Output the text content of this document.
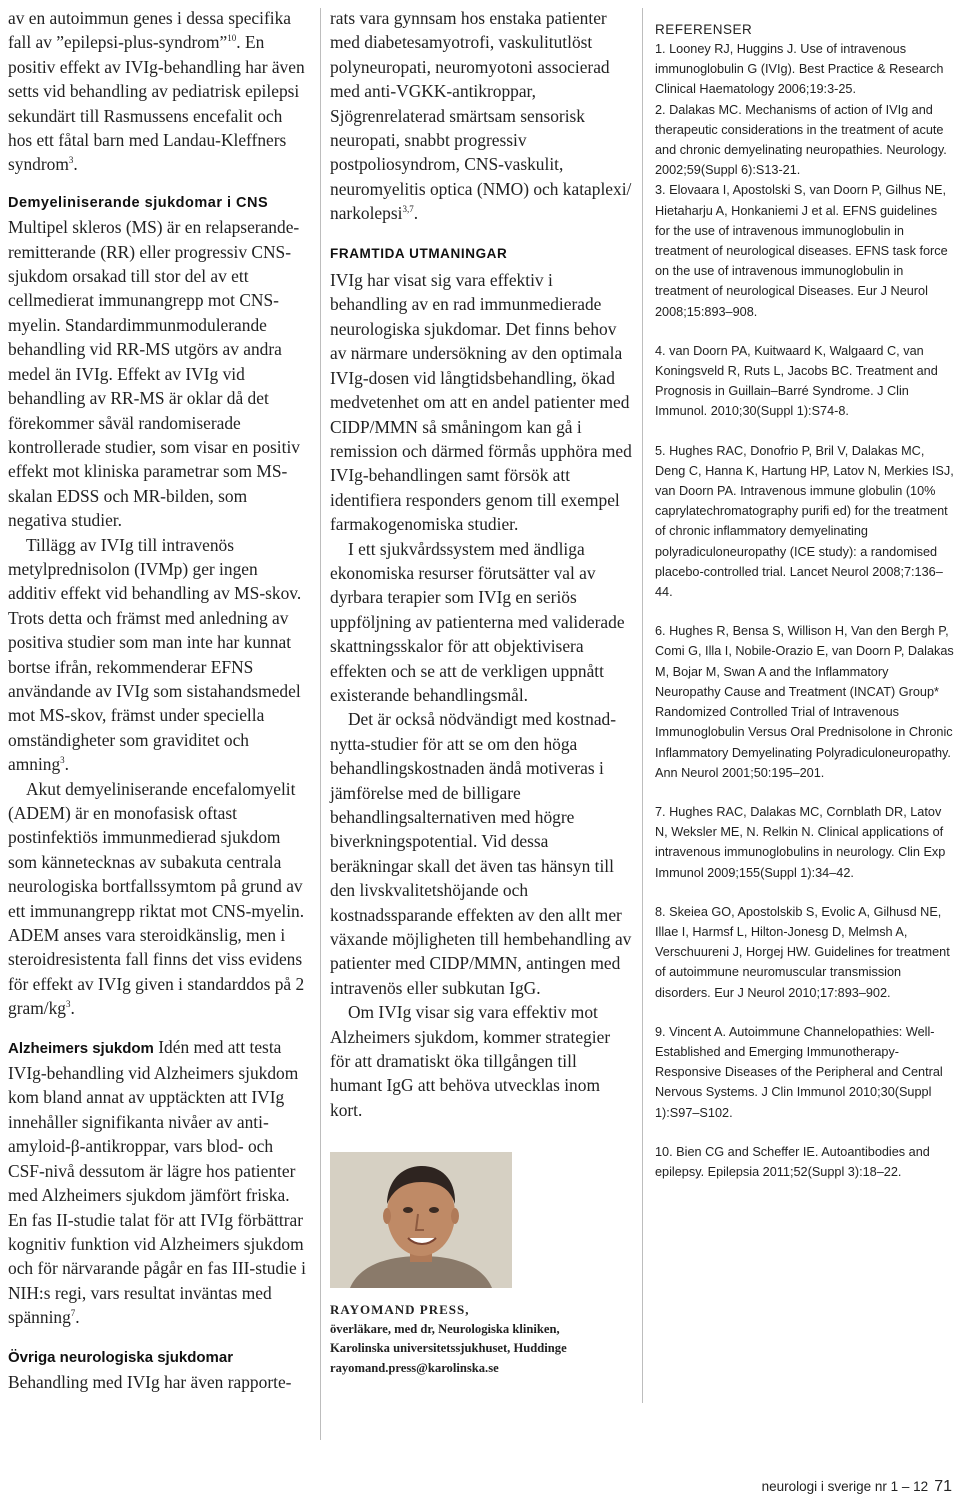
av en autoimmun genes i dessa specifika fall av ”epilepsi-plus-syndrom”$^{10}$. En positiv effekt av IVIg-behandling har även setts vid behandling av pediatrisk epilepsi sekundärt till Rasmussens encefalit och hos ett fåtal barn med Landau-Kleffners syndrom$^3$.

Demyeliniserande sjukdomar i CNS

Multipel skleros (MS) är en relapserande-remitterande (RR) eller progressiv CNS-sjukdom orsakad till stor del av ett cellmedierat immunangrepp mot CNS-myelin. Standardimmunmodulerande behandling vid RR-MS utgörs av andra medel än IVIg. Effekt av IVIg vid behandling av RR-MS är oklar då det förekommer såväl randomiserade kontrollerade studier, som visar en positiv effekt mot kliniska parametrar som MS-skalan EDSS och MR-bilden, som negativa studier.

Tillägg av IVIg till intravenös metylprednisolon (IVMp) ger ingen additiv effekt vid behandling av MS-skov. Trots detta och främst med anledning av positiva studier som man inte har kunnat bortse ifrån, rekommenderar EFNS användande av IVIg som sistahandsmedel mot MS-skov, främst under speciella omständigheter som graviditet och amning$^3$.

Akut demyeliniserande encefalomyelit (ADEM) är en monofasisk oftast postinfektiös immunmedierad sjukdom som kännetecknas av subakuta centrala neurologiska bortfallssymtom på grund av ett immunangrepp riktat mot CNS-myelin. ADEM anses vara steroidkänslig, men i steroidresistenta fall finns det viss evidens för effekt av IVIg given i standarddos på 2 gram/$kg^3$.

Alzheimers sjukdom Idén med att testa IVIg-behandling vid Alzheimers sjukdom kom bland annat av upptäckten att IVIg innehåller signifikanta nivåer av anti-amyloid-β-antikroppar, vars blod- och CSF-nivå dessutom är lägre hos patienter med Alzheimers sjukdom jämfört friska. En fas II-studie talat för att IVIg förbättrar kognitiv funktion vid Alzheimers sjukdom och för närvarande pågår en fas III-studie i NIH:s regi, vars resultat inväntas med spänning$^7$.

Övriga neurologiska sjukdomar Behandling med IVIg har även rapporte-

rats vara gynnsam hos enstaka patienter med diabetesamyotrofi, vaskulitutlöst polyneuropati, neuromyotoni associerad med anti-VGKK-antikroppar, Sjögrenrelaterad smärtsam sensorisk neuropati, snabbt progressiv postpoliosyndrom, CNS-vaskulit, neuromyelitis optica (NMO) och kataplexi/ narkolepsi$^{3,7}$.

FRAMTIDA UTMANINGAR

IVIg har visat sig vara effektiv i behandling av en rad immunmedierade neurologiska sjukdomar. Det finns behov av närmare undersökning av den optimala IVIg-dosen vid långtidsbehandling, ökad medvetenhet om att en andel patienter med CIDP/MMN så småningom kan gå i remission och därmed förmås upphöra med IVIg-behandlingen samt försök att identifiera responders genom till exempel farmakogenomiska studier.

I ett sjukvårdssystem med ändliga ekonomiska resurser förutsätter val av dyrbara terapier som IVIg en seriös uppföljning av patienterna med validerade skattningsskalor för att objektivisera effekten och se att de verkligen uppnått existerande behandlingsmål.

Det är också nödvändigt med kostnad-nytta-studier för att se om den höga behandlingskostnaden ändå motiveras i jämförelse med de billigare behandlingsalternativen med högre biverkningspotential. Vid dessa beräkningar skall det även tas hänsyn till den livskvalitetshöjande och kostnadssparande effekten av den allt mer växande möjligheten till hembehandling av patienter med CIDP/MMN, antingen med intravenös eller subkutan IgG.

Om IVIg visar sig vara effektiv mot Alzheimers sjukdom, kommer strategier för att dramatiskt öka tillgången till humant IgG att behöva utvecklas inom kort.

RAYOMAND PRESS,
överläkare, med dr, Neurologiska kliniken,
Karolinska universitetssjukhuset, Huddinge
rayomand.press@karolinska.se
REFERENSER
1. Looney RJ, Huggins J. Use of intravenous immunoglobulin G (IVIg). Best Practice & Research Clinical Haematology 2006;19:3-25.
2. Dalakas MC. Mechanisms of action of IVIg and therapeutic considerations in the treatment of acute and chronic demyelinating neuropathies. Neurology. 2002;59(Suppl 6):S13-21.
3. Elovaara I, Apostolski S, van Doorn P, Gilhus NE, Hietaharju A, Honkaniemi J et al. EFNS guidelines for the use of intravenous immunoglobulin in treatment of neurological diseases. EFNS task force on the use of intravenous immunoglobulin in treatment of neurological Diseases. Eur J Neurol 2008;15:893–908.
4. van Doorn PA, Kuitwaard K, Walgaard C, van Koningsveld R, Ruts L, Jacobs BC. Treatment and Prognosis in Guillain–Barré Syndrome. J Clin Immunol. 2010;30(Suppl 1):S74-8.
5. Hughes RAC, Donofrio P, Bril V, Dalakas MC, Deng C, Hanna K, Hartung HP, Latov N, Merkies ISJ, van Doorn PA. Intravenous immune globulin (10% caprylatechromatography purifi ed) for the treatment of chronic inflammatory demyelinating polyradiculoneuropathy (ICE study): a randomised placebo-controlled trial. Lancet Neurol 2008;7:136–44.
6. Hughes R, Bensa S, Willison H, Van den Bergh P, Comi G, Illa I, Nobile-Orazio E, van Doorn P, Dalakas M, Bojar M, Swan A and the Inflammatory Neuropathy Cause and Treatment (INCAT) Group* Randomized Controlled Trial of Intravenous Immunoglobulin Versus Oral Prednisolone in Chronic Inflammatory Demyelinating Polyradiculoneuropathy. Ann Neurol 2001;50:195–201.
7. Hughes RAC, Dalakas MC, Cornblath DR, Latov N, Weksler ME, N. Relkin N. Clinical applications of intravenous immunoglobulins in neurology. Clin Exp Immunol 2009;155(Suppl 1):34–42.
8. Skeiea GO, Apostolskib S, Evolic A, Gilhusd NE, Illae I, Harmsf L, Hilton-Jonesg D, Melmsh A, Verschuureni J, Horgej HW. Guidelines for treatment of autoimmune neuromuscular transmission disorders. Eur J Neurol 2010;17:893–902.
9. Vincent A. Autoimmune Channelopathies: Well-Established and Emerging Immunotherapy-Responsive Diseases of the Peripheral and Central Nervous Systems. J Clin Immunol 2010;30(Suppl 1):S97–S102.
10. Bien CG and Scheffer IE. Autoantibodies and epilepsy. Epilepsia 2011;52(Suppl 3):18–22.
neurologi i sverige nr 1 – 12 71
